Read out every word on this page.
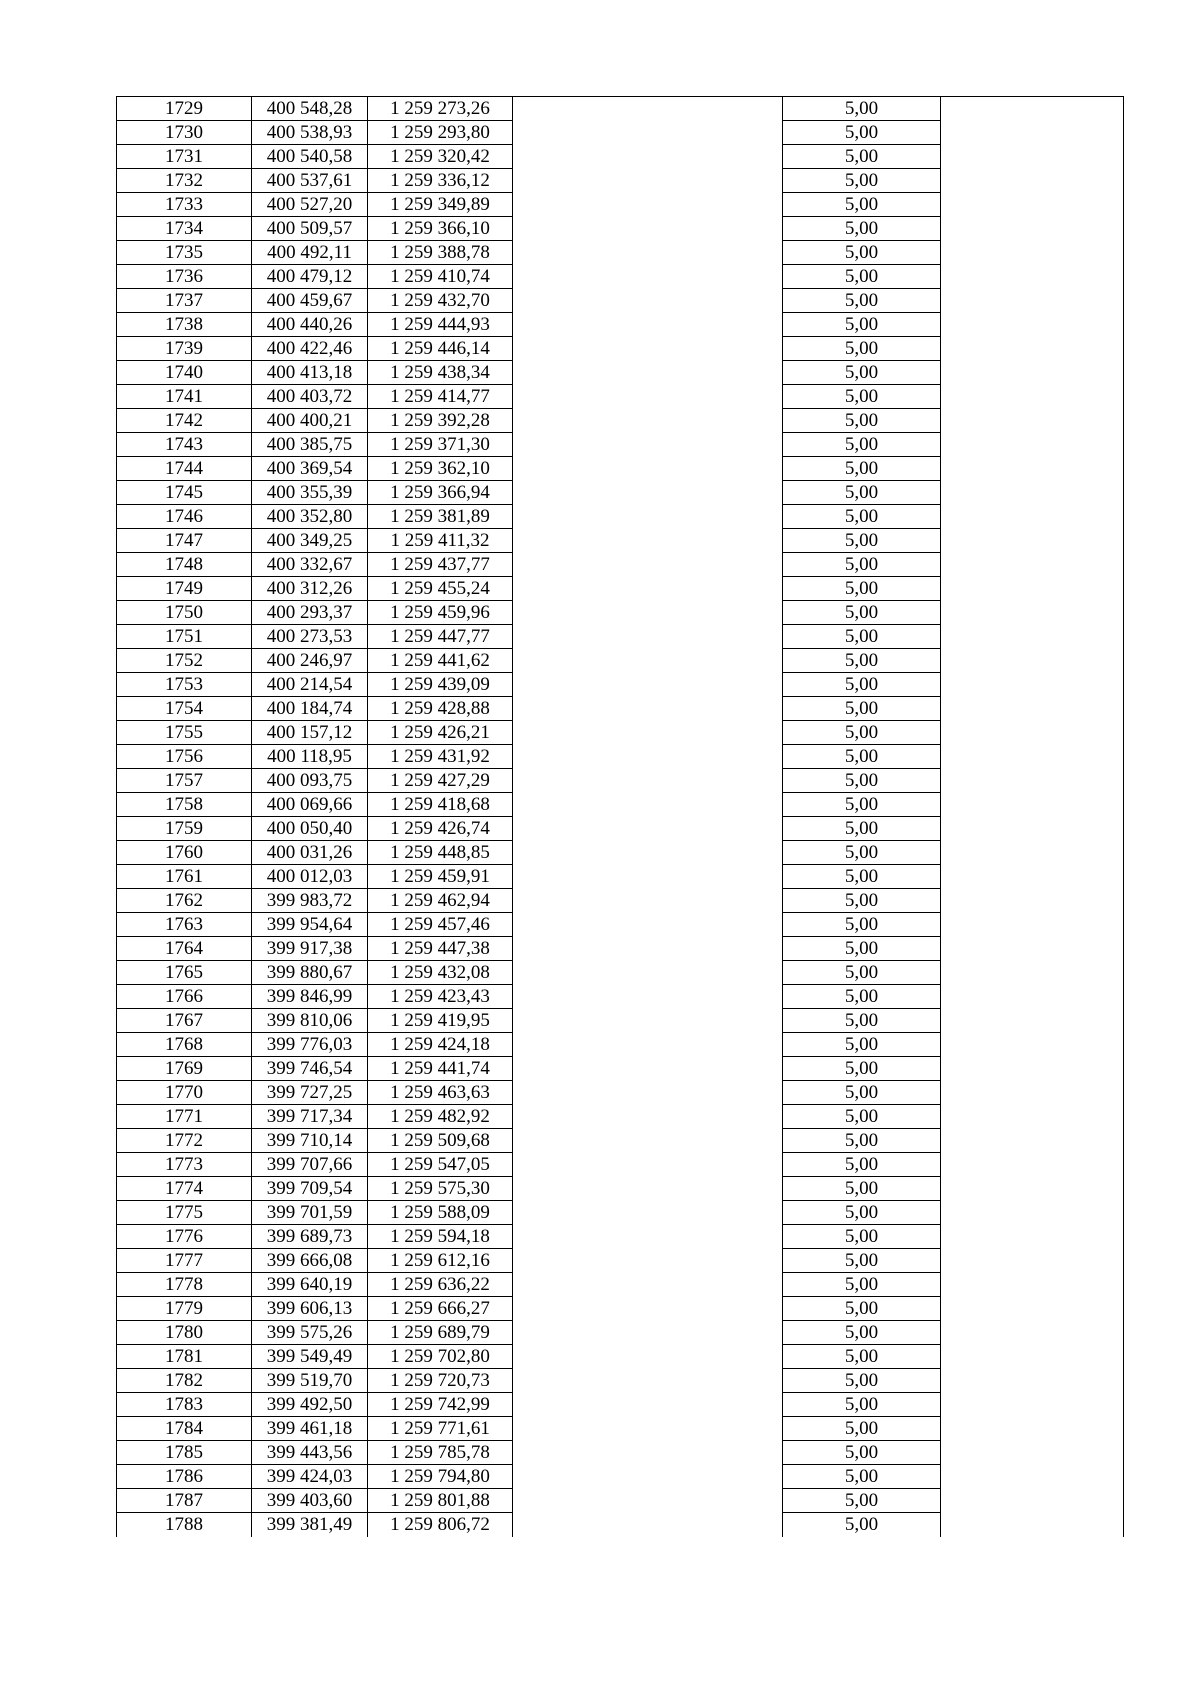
1729	400 548,28	1 259 273,26		5,00	
1730	400 538,93	1 259 293,80		5,00	
1731	400 540,58	1 259 320,42		5,00	
1732	400 537,61	1 259 336,12		5,00	
1733	400 527,20	1 259 349,89		5,00	
1734	400 509,57	1 259 366,10		5,00	
1735	400 492,11	1 259 388,78		5,00	
1736	400 479,12	1 259 410,74		5,00	
1737	400 459,67	1 259 432,70		5,00	
1738	400 440,26	1 259 444,93		5,00	
1739	400 422,46	1 259 446,14		5,00	
1740	400 413,18	1 259 438,34		5,00	
1741	400 403,72	1 259 414,77		5,00	
1742	400 400,21	1 259 392,28		5,00	
1743	400 385,75	1 259 371,30		5,00	
1744	400 369,54	1 259 362,10		5,00	
1745	400 355,39	1 259 366,94		5,00	
1746	400 352,80	1 259 381,89		5,00	
1747	400 349,25	1 259 411,32		5,00	
1748	400 332,67	1 259 437,77		5,00	
1749	400 312,26	1 259 455,24		5,00	
1750	400 293,37	1 259 459,96		5,00	
1751	400 273,53	1 259 447,77		5,00	
1752	400 246,97	1 259 441,62		5,00	
1753	400 214,54	1 259 439,09		5,00	
1754	400 184,74	1 259 428,88		5,00	
1755	400 157,12	1 259 426,21		5,00	
1756	400 118,95	1 259 431,92		5,00	
1757	400 093,75	1 259 427,29		5,00	
1758	400 069,66	1 259 418,68		5,00	
1759	400 050,40	1 259 426,74		5,00	
1760	400 031,26	1 259 448,85		5,00	
1761	400 012,03	1 259 459,91		5,00	
1762	399 983,72	1 259 462,94		5,00	
1763	399 954,64	1 259 457,46		5,00	
1764	399 917,38	1 259 447,38		5,00	
1765	399 880,67	1 259 432,08		5,00	
1766	399 846,99	1 259 423,43		5,00	
1767	399 810,06	1 259 419,95		5,00	
1768	399 776,03	1 259 424,18		5,00	
1769	399 746,54	1 259 441,74		5,00	
1770	399 727,25	1 259 463,63		5,00	
1771	399 717,34	1 259 482,92		5,00	
1772	399 710,14	1 259 509,68		5,00	
1773	399 707,66	1 259 547,05		5,00	
1774	399 709,54	1 259 575,30		5,00	
1775	399 701,59	1 259 588,09		5,00	
1776	399 689,73	1 259 594,18		5,00	
1777	399 666,08	1 259 612,16		5,00	
1778	399 640,19	1 259 636,22		5,00	
1779	399 606,13	1 259 666,27		5,00	
1780	399 575,26	1 259 689,79		5,00	
1781	399 549,49	1 259 702,80		5,00	
1782	399 519,70	1 259 720,73		5,00	
1783	399 492,50	1 259 742,99		5,00	
1784	399 461,18	1 259 771,61		5,00	
1785	399 443,56	1 259 785,78		5,00	
1786	399 424,03	1 259 794,80		5,00	
1787	399 403,60	1 259 801,88		5,00	
1788	399 381,49	1 259 806,72		5,00	
